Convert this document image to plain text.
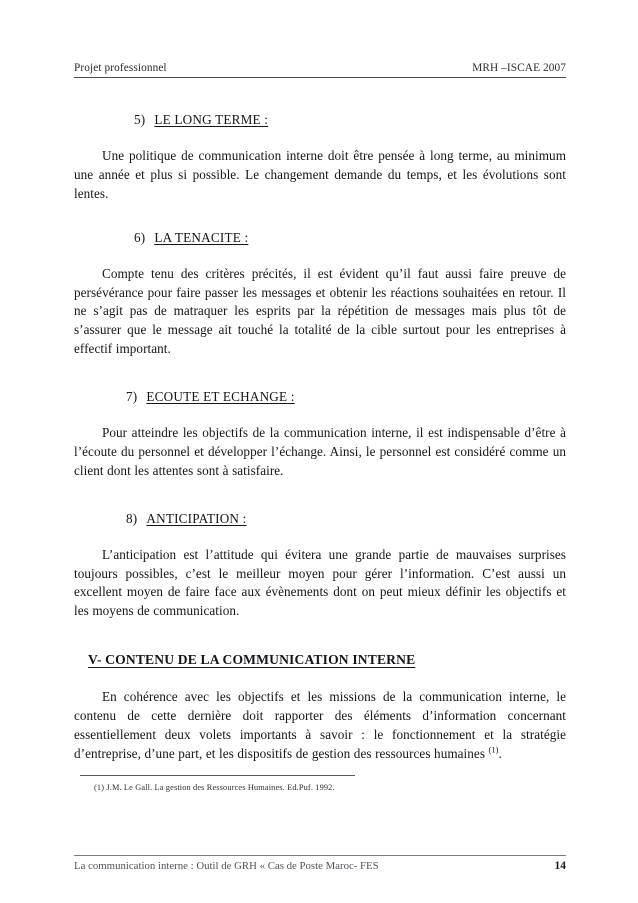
Projet professionnel	MRH –ISCAE 2007
5) LE LONG TERME :

Une politique de communication interne doit être pensée à long terme, au minimum une année et plus si possible. Le changement demande du temps, et les évolutions sont lentes.

6) LA TENACITE :

Compte tenu des critères précités, il est évident qu’il faut aussi faire preuve de persévérance pour faire passer les messages et obtenir les réactions souhaitées en retour. Il ne s’agit pas de matraquer les esprits par la répétition de messages mais plus tôt de s’assurer que le message ait touché la totalité de la cible surtout pour les entreprises à effectif important.

7) ECOUTE ET ECHANGE :

Pour atteindre les objectifs de la communication interne, il est indispensable d’être à l’écoute du personnel et développer l’échange. Ainsi, le personnel est considéré comme un client dont les attentes sont à satisfaire.

8) ANTICIPATION :

L’anticipation est l’attitude qui évitera une grande partie de mauvaises surprises toujours possibles, c’est le meilleur moyen pour gérer l’information. C’est aussi un excellent moyen de faire face aux évènements dont on peut mieux définir les objectifs et les moyens de communication.

V- CONTENU DE LA COMMUNICATION INTERNE

En cohérence avec les objectifs et les missions de la communication interne, le contenu de cette dernière doit rapporter des éléments d’information concernant essentiellement deux volets importants à savoir : le fonctionnement et la stratégie d’entreprise, d’une part, et les dispositifs de gestion des ressources humaines $^{(1)}$.

(1) J.M. Le Gall. La gestion des Ressources Humaines. Ed.Puf. 1992.

La communication interne : Outil de GRH « Cas de Poste Maroc- FES	14
